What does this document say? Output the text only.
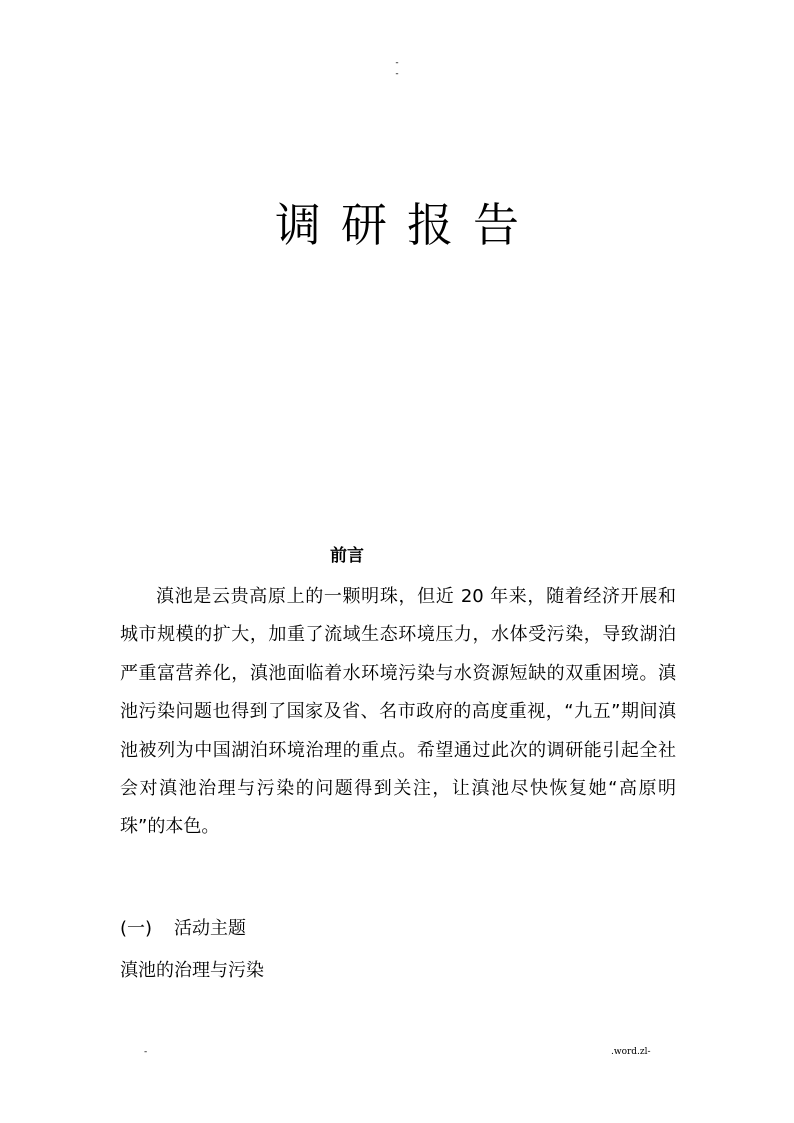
-
-
调研报告
前言

滇池是云贵高原上的一颗明珠，但近 20 年来，随着经济开展和城市规模的扩大，加重了流域生态环境压力，水体受污染，导致湖泊严重富营养化，滇池面临着水环境污染与水资源短缺的双重困境。滇池污染问题也得到了国家及省、名市政府的高度重视，“九五”期间滇池被列为中国湖泊环境治理的重点。希望通过此次的调研能引起全社会对滇池治理与污染的问题得到关注，让滇池尽快恢复她“高原明珠”的本色。

(一) 活动主题
滇池的治理与污染
-	.word.zl-
